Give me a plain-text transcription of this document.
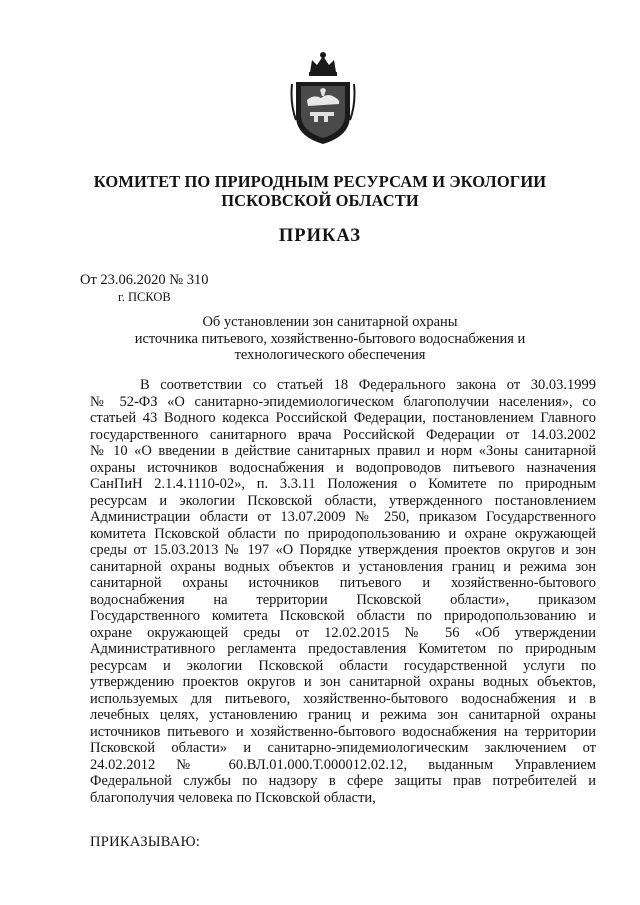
КОМИТЕТ ПО ПРИРОДНЫМ РЕСУРСАМ И ЭКОЛОГИИ
ПСКОВСКОЙ ОБЛАСТИ
ПРИКАЗ
От 23.06.2020 № 310
г. ПСКОВ
Об установлении зон санитарной охраны
источника питьевого, хозяйственно-бытового водоснабжения и
технологического обеспечения
В соответствии со статьей 18 Федерального закона от 30.03.1999
№ 52-ФЗ «О санитарно-эпидемиологическом благополучии населения», со
статьей 43 Водного кодекса Российской Федерации, постановлением Главного
государственного санитарного врача Российской Федерации от 14.03.2002
№ 10 «О введении в действие санитарных правил и норм «Зоны санитарной
охраны источников водоснабжения и водопроводов питьевого назначения
СанПиН 2.1.4.1110-02», п. 3.3.11 Положения о Комитете по природным
ресурсам и экологии Псковской области, утвержденного постановлением
Администрации области от 13.07.2009 № 250, приказом Государственного
комитета Псковской области по природопользованию и охране окружающей
среды от 15.03.2013 № 197 «О Порядке утверждения проектов округов и зон
санитарной охраны водных объектов и установления границ и режима зон
санитарной охраны источников питьевого и хозяйственно-бытового
водоснабжения на территории Псковской области», приказом
Государственного комитета Псковской области по природопользованию и
охране окружающей среды от 12.02.2015 № 56 «Об утверждении
Административного регламента предоставления Комитетом по природным
ресурсам и экологии Псковской области государственной услуги по
утверждению проектов округов и зон санитарной охраны водных объектов,
используемых для питьевого, хозяйственно-бытового водоснабжения и в
лечебных целях, установлению границ и режима зон санитарной охраны
источников питьевого и хозяйственно-бытового водоснабжения на территории
Псковской области» и санитарно-эпидемиологическим заключением от
24.02.2012 № 60.ВЛ.01.000.Т.000012.02.12, выданным Управлением
Федеральной службы по надзору в сфере защиты прав потребителей и
благополучия человека по Псковской области,
ПРИКАЗЫВАЮ:
